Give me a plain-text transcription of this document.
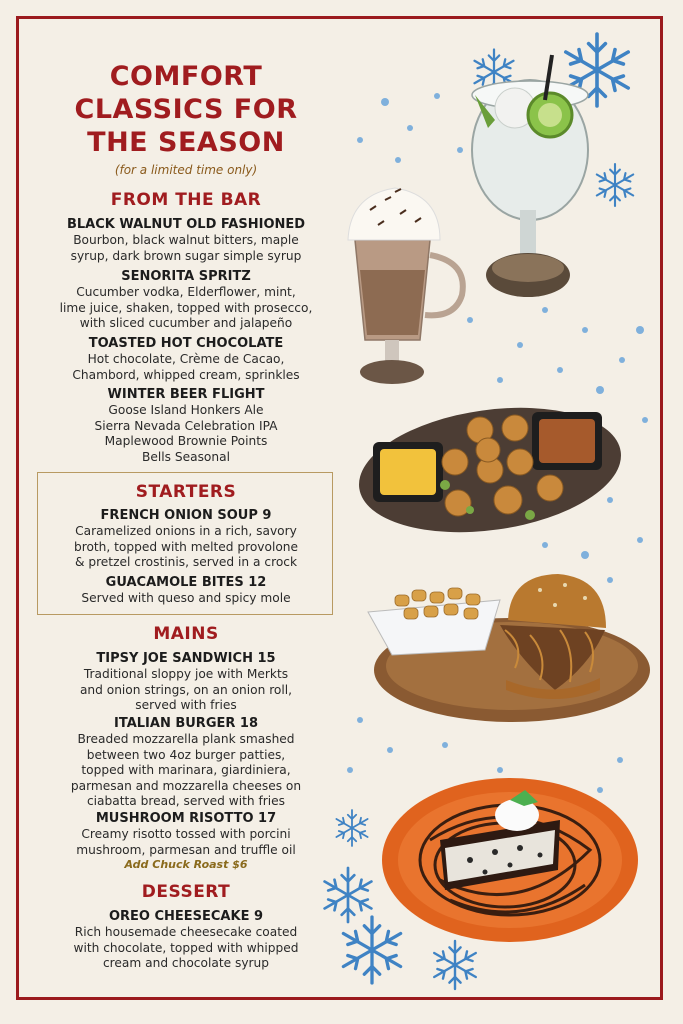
COMFORT
CLASSICS FOR
THE SEASON
(for a limited time only)
FROM THE BAR
BLACK WALNUT OLD FASHIONED
Bourbon, black walnut bitters, maple
syrup, dark brown sugar simple syrup
SENORITA SPRITZ
Cucumber vodka, Elderflower, mint,
lime juice, shaken, topped with prosecco,
with sliced cucumber and jalapeño
TOASTED HOT CHOCOLATE
Hot chocolate, Crème de Cacao,
Chambord, whipped cream, sprinkles
WINTER BEER FLIGHT
Goose Island Honkers Ale
Sierra Nevada Celebration IPA
Maplewood Brownie Points
Bells Seasonal
STARTERS
FRENCH ONION SOUP 9
Caramelized onions in a rich, savory
broth, topped with melted provolone
& pretzel crostinis, served in a crock
GUACAMOLE BITES 12
Served with queso and spicy mole
MAINS
TIPSY JOE SANDWICH 15
Traditional sloppy joe with Merkts
and onion strings, on an onion roll,
served with fries
ITALIAN BURGER 18
Breaded mozzarella plank smashed
between two 4oz burger patties,
topped with marinara, giardiniera,
parmesan and mozzarella cheeses on
ciabatta bread, served with fries
MUSHROOM RISOTTO 17
Creamy risotto tossed with porcini
mushroom, parmesan and truffle oil
Add Chuck Roast $6
DESSERT
OREO CHEESECAKE 9
Rich housemade cheesecake coated
with chocolate, topped with whipped
cream and chocolate syrup
